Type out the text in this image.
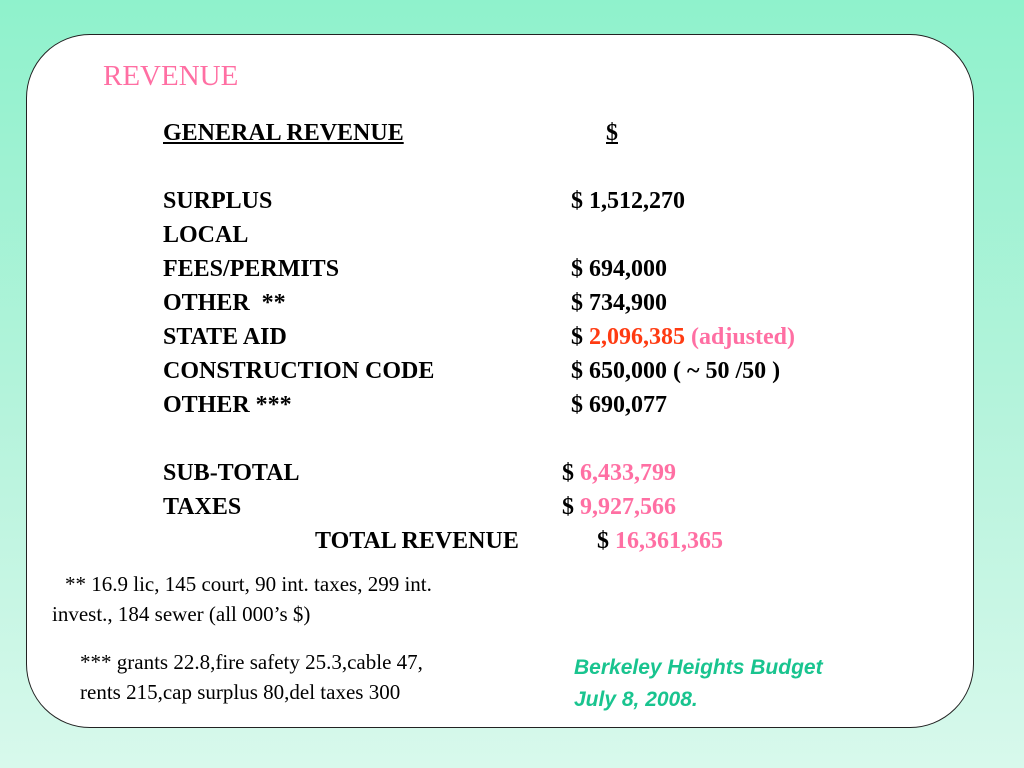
REVENUE
GENERAL REVENUE	$
SURPLUS	$ 1,512,270
LOCAL
FEES/PERMITS	$ 694,000
OTHER  **	$ 734,900
STATE AID	$ 2,096,385 (adjusted)
CONSTRUCTION CODE	$ 650,000 ( ~ 50 /50 )
OTHER ***	$ 690,077
SUB-TOTAL	$ 6,433,799
TAXES	$ 9,927,566
TOTAL REVENUE	$ 16,361,365
** 16.9 lic, 145 court, 90 int. taxes, 299 int.
invest., 184 sewer (all 000’s $)
*** grants 22.8,fire safety 25.3,cable 47,
rents 215,cap surplus 80,del taxes 300
Berkeley Heights Budget
July 8, 2008.
